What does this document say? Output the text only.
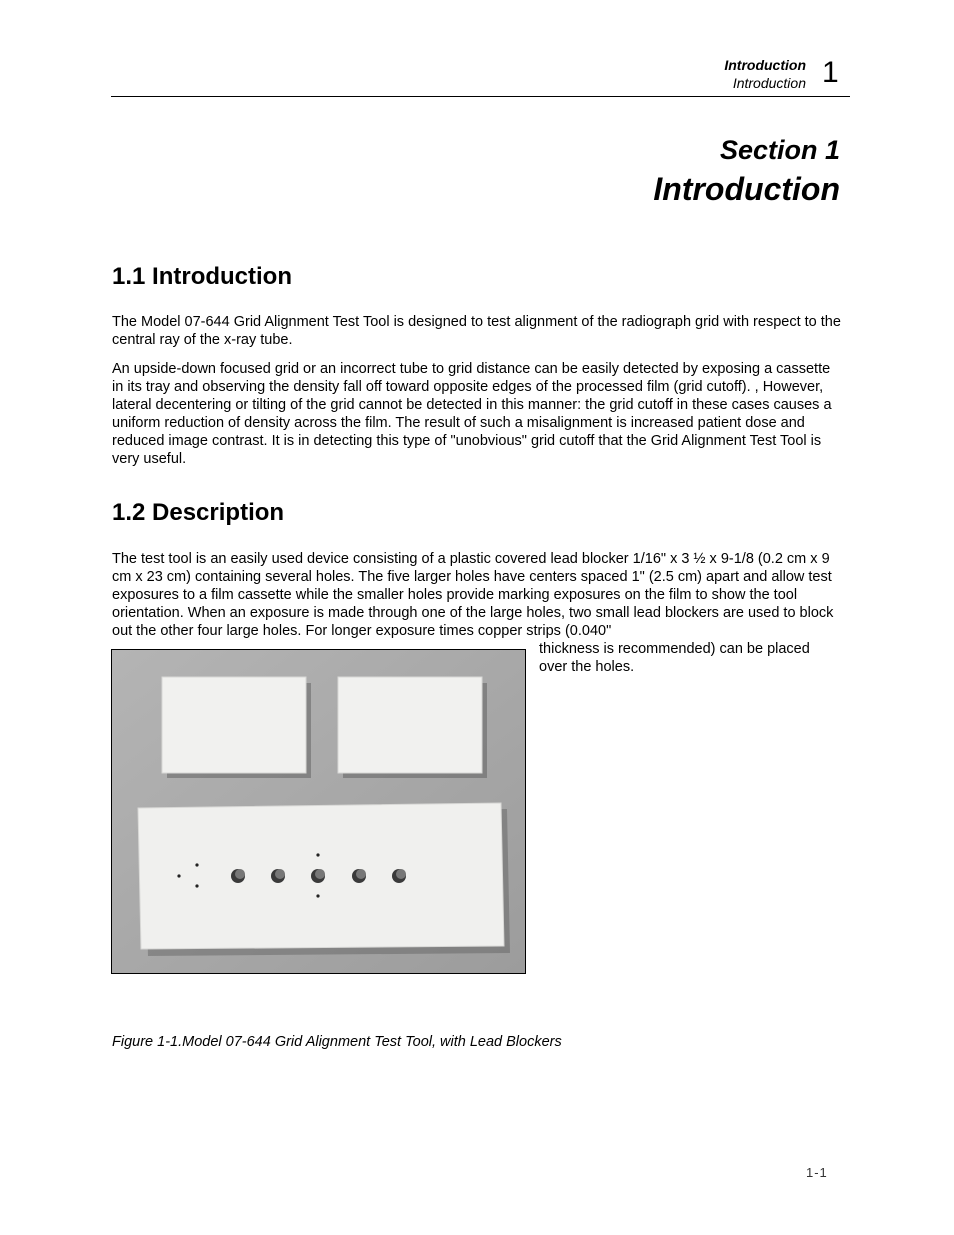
Introduction
Introduction 1
Section 1
Introduction
1.1 Introduction

The Model 07-644 Grid Alignment Test Tool is designed to test alignment of the radiograph grid with respect to the central ray of the x-ray tube.

An upside-down focused grid or an incorrect tube to grid distance can be easily detected by exposing a cassette in its tray and observing the density fall off toward opposite edges of the processed film (grid cutoff). , However, lateral decentering or tilting of the grid cannot be detected in this manner: the grid cutoff in these cases causes a uniform reduction of density across the film. The result of such a misalignment is increased patient dose and reduced image contrast. It is in detecting this type of "unobvious" grid cutoff that the Grid Alignment Test Tool is very useful.

1.2 Description

The test tool is an easily used device consisting of a plastic covered lead blocker 1/16" x 3 ½ x 9-1/8 (0.2 cm x 9 cm x 23 cm) containing several holes. The five larger holes have centers spaced 1" (2.5 cm) apart and allow test exposures to a film cassette while the smaller holes provide marking exposures on the film to show the tool orientation. When an exposure is made through one of the large holes, two small lead blockers are used to block out the other four large holes. For longer exposure times copper strips (0.040"

thickness is recommended) can be placed over the holes.

Figure 1-1.Model 07-644 Grid Alignment Test Tool, with Lead Blockers
1-1
